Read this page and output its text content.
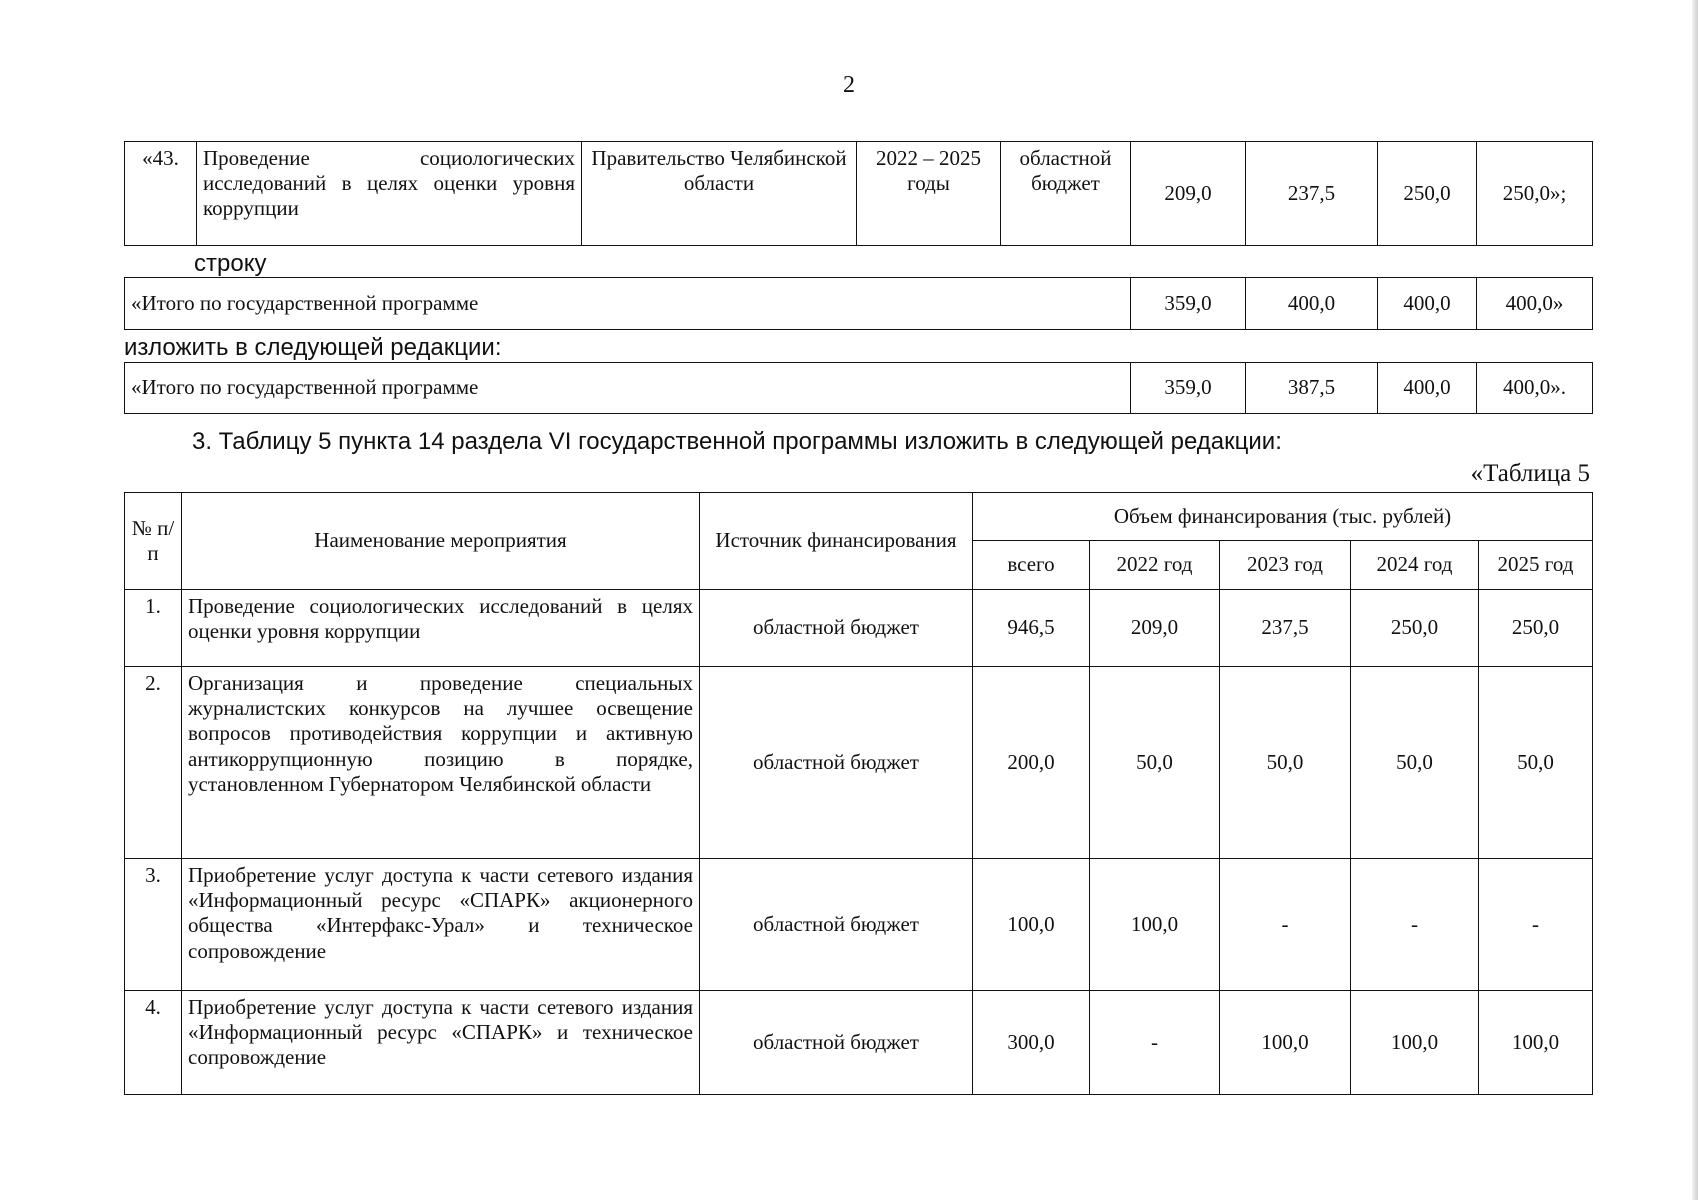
2
«43.	Проведение социологических исследований в целях оценки уровня коррупции	Правительство Челябинской области	2022 – 2025 годы	областной бюджет	209,0	237,5	250,0	250,0»;
строку
«Итого по государственной программе	359,0	400,0	400,0	400,0»
изложить в следующей редакции:
«Итого по государственной программе	359,0	387,5	400,0	400,0».
3. Таблицу 5 пункта 14 раздела VI государственной программы изложить в следующей редакции:
«Таблица 5
№ п/п	Наименование мероприятия	Источник финансирования	Объем финансирования (тыс. рублей)				
			всего	2022 год	2023 год	2024 год	2025 год
1.	Проведение социологических исследований в целях оценки уровня коррупции	областной бюджет	946,5	209,0	237,5	250,0	250,0
2.	Организация и проведение специальных журналистских конкурсов на лучшее освещение вопросов противодействия коррупции и активную антикоррупционную позицию в порядке, установленном Губернатором Челябинской области	областной бюджет	200,0	50,0	50,0	50,0	50,0
3.	Приобретение услуг доступа к части сетевого издания «Информационный ресурс «СПАРК» акционерного общества «Интерфакс-Урал» и техническое сопровождение	областной бюджет	100,0	100,0	-	-	-
4.	Приобретение услуг доступа к части сетевого издания «Информационный ресурс «СПАРК» и техническое сопровождение	областной бюджет	300,0	-	100,0	100,0	100,0
